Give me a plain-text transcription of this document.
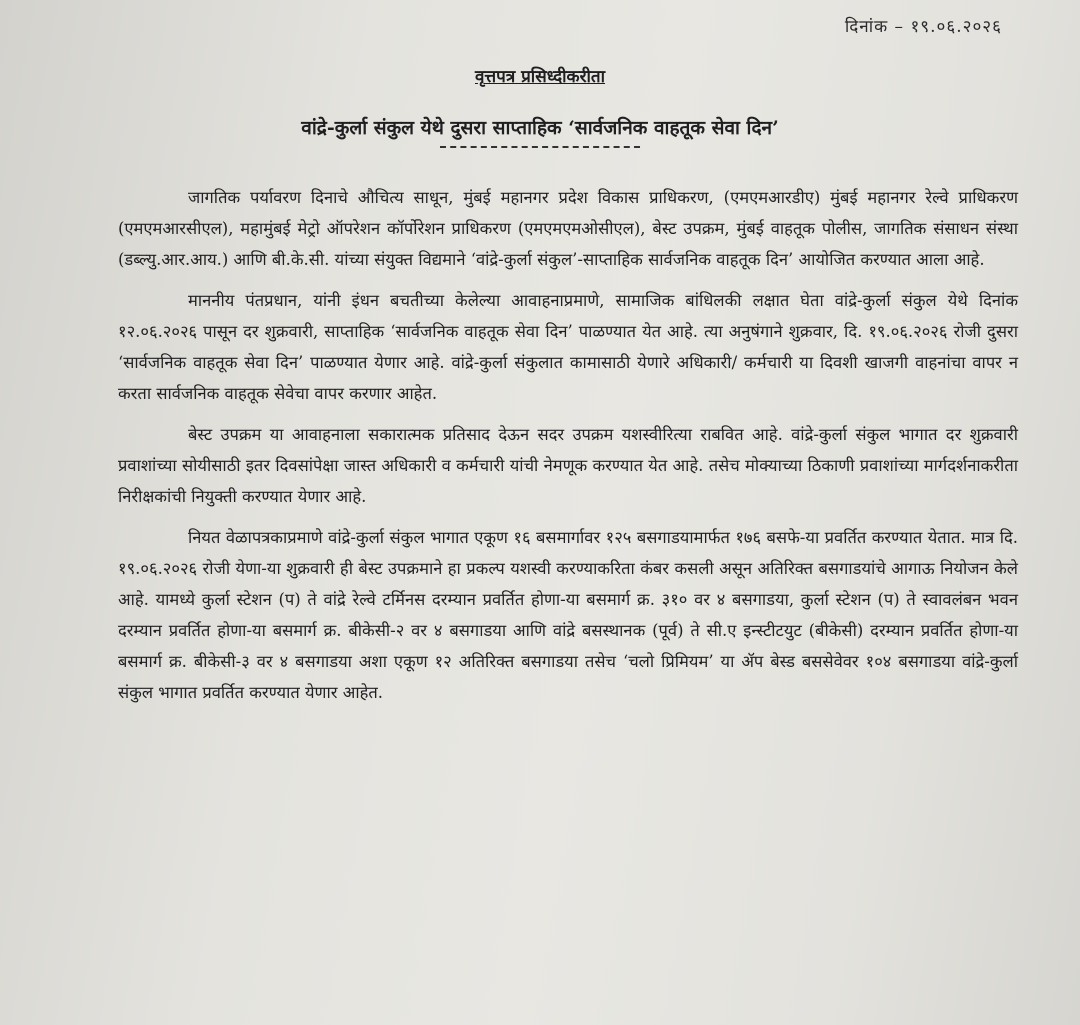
दिनांक – १९.०६.२०२६
वृत्तपत्र प्रसिध्दीकरीता
वांद्रे-कुर्ला संकुल येथे दुसरा साप्ताहिक ‘सार्वजनिक वाहतूक सेवा दिन’

जागतिक पर्यावरण दिनाचे औचित्य साधून, मुंबई महानगर प्रदेश विकास प्राधिकरण, (एमएमआरडीए) मुंबई महानगर रेल्वे प्राधिकरण (एमएमआरसीएल), महामुंबई मेट्रो ऑपरेशन कॉर्पोरेशन प्राधिकरण (एमएमएमओसीएल), बेस्ट उपक्रम, मुंबई वाहतूक पोलीस, जागतिक संसाधन संस्था (डब्ल्यु.आर.आय.) आणि बी.के.सी. यांच्या संयुक्त विद्यमाने ‘वांद्रे-कुर्ला संकुल’-साप्ताहिक सार्वजनिक वाहतूक दिन’ आयोजित करण्यात आला आहे.

माननीय पंतप्रधान, यांनी इंधन बचतीच्या केलेल्या आवाहनाप्रमाणे, सामाजिक बांधिलकी लक्षात घेता वांद्रे-कुर्ला संकुल येथे दिनांक १२.०६.२०२६ पासून दर शुक्रवारी, साप्ताहिक ‘सार्वजनिक वाहतूक सेवा दिन’ पाळण्यात येत आहे. त्या अनुषंगाने शुक्रवार, दि. १९.०६.२०२६ रोजी दुसरा ‘सार्वजनिक वाहतूक सेवा दिन’ पाळण्यात येणार आहे. वांद्रे-कुर्ला संकुलात कामासाठी येणारे अधिकारी/ कर्मचारी या दिवशी खाजगी वाहनांचा वापर न करता सार्वजनिक वाहतूक सेवेचा वापर करणार आहेत.

बेस्ट उपक्रम या आवाहनाला सकारात्मक प्रतिसाद देऊन सदर उपक्रम यशस्वीरित्या राबवित आहे. वांद्रे-कुर्ला संकुल भागात दर शुक्रवारी प्रवाशांच्या सोयीसाठी इतर दिवसांपेक्षा जास्त अधिकारी व कर्मचारी यांची नेमणूक करण्यात येत आहे. तसेच मोक्याच्या ठिकाणी प्रवाशांच्या मार्गदर्शनाकरीता निरीक्षकांची नियुक्ती करण्यात येणार आहे.

नियत वेळापत्रकाप्रमाणे वांद्रे-कुर्ला संकुल भागात एकूण १६ बसमार्गावर १२५ बसगाडयामार्फत १७६ बसफे-या प्रवर्तित करण्यात येतात. मात्र दि. १९.०६.२०२६ रोजी येणा-या शुक्रवारी ही बेस्ट उपक्रमाने हा प्रकल्प यशस्वी करण्याकरिता कंबर कसली असून अतिरिक्त बसगाडयांचे आगाऊ नियोजन केले आहे. यामध्ये कुर्ला स्टेशन (प) ते वांद्रे रेल्वे टर्मिनस दरम्यान प्रवर्तित होणा-या बसमार्ग क्र. ३१० वर ४ बसगाडया, कुर्ला स्टेशन (प) ते स्वावलंबन भवन दरम्यान प्रवर्तित होणा-या बसमार्ग क्र. बीकेसी-२ वर ४ बसगाडया आणि वांद्रे बसस्थानक (पूर्व) ते सी.ए इन्स्टीटयुट (बीकेसी) दरम्यान प्रवर्तित होणा-या बसमार्ग क्र. बीकेसी-३ वर ४ बसगाडया अशा एकूण १२ अतिरिक्त बसगाडया तसेच ‘चलो प्रिमियम’ या ॲप बेस्ड बससेवेवर १०४ बसगाडया वांद्रे-कुर्ला संकुल भागात प्रवर्तित करण्यात येणार आहेत.
